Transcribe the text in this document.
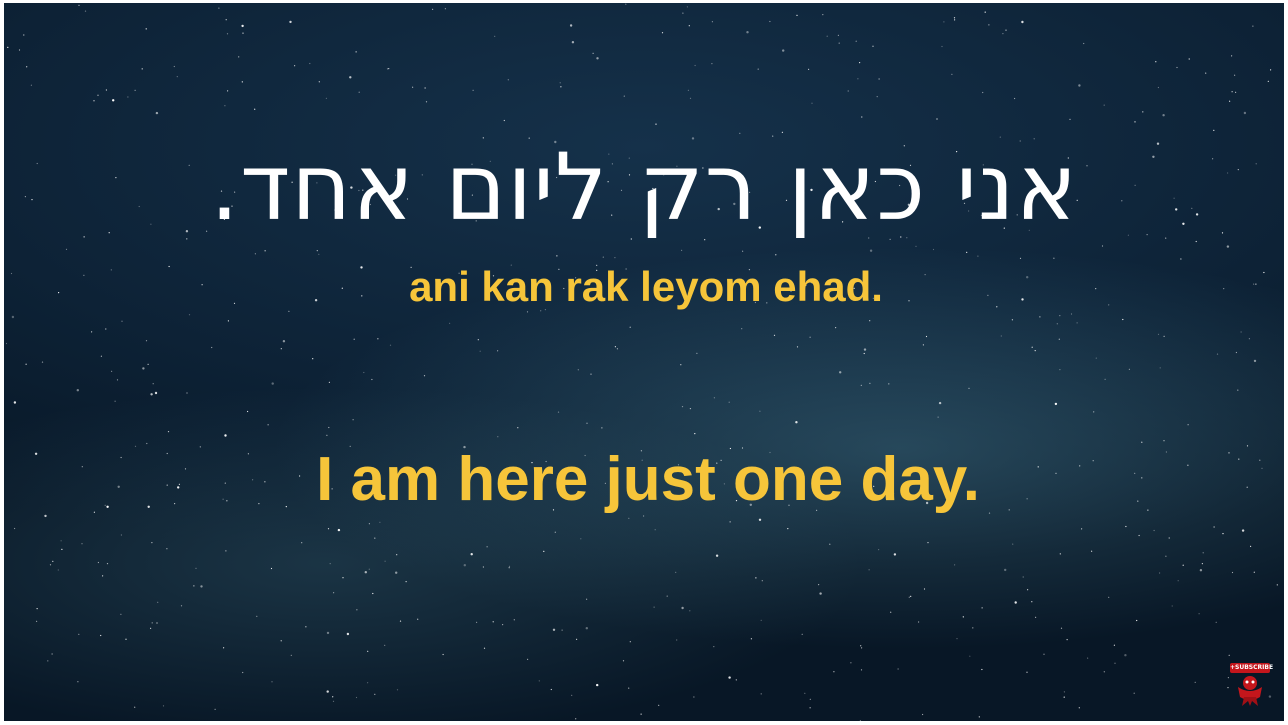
אני כאן רק ליום אחד.
ani kan rak leyom ehad.
I am here just one day.
+SUBSCRIBE
